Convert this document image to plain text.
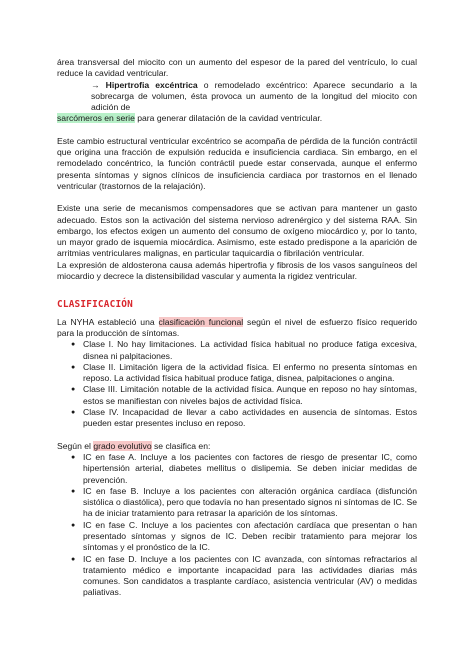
área transversal del miocito con un aumento del espesor de la pared del ventrículo, lo cual reduce la cavidad ventricular.

→ Hipertrofia excéntrica o remodelado excéntrico: Aparece secundario a la sobrecarga de volumen, ésta provoca un aumento de la longitud del miocito con adición de

sarcómeros en serie para generar dilatación de la cavidad ventricular.

Este cambio estructural ventricular excéntrico se acompaña de pérdida de la función contráctil que origina una fracción de expulsión reducida e insuficiencia cardiaca. Sin embargo, en el remodelado concéntrico, la función contráctil puede estar conservada, aunque el enfermo presenta síntomas y signos clínicos de insuficiencia cardiaca por trastornos en el llenado ventricular (trastornos de la relajación).

Existe una serie de mecanismos compensadores que se activan para mantener un gasto adecuado. Estos son la activación del sistema nervioso adrenérgico y del sistema RAA. Sin embargo, los efectos exigen un aumento del consumo de oxígeno miocárdico y, por lo tanto, un mayor grado de isquemia miocárdica. Asimismo, este estado predispone a la aparición de arritmias ventriculares malignas, en particular taquicardia o fibrilación ventricular.

La expresión de aldosterona causa además hipertrofia y fibrosis de los vasos sanguíneos del miocardio y decrece la distensibilidad vascular y aumenta la rigidez ventricular.

CLASIFICACIÓN

La NYHA estableció una clasificación funcional según el nivel de esfuerzo físico requerido para la producción de síntomas.

● Clase I. No hay limitaciones. La actividad física habitual no produce fatiga excesiva, disnea ni palpitaciones.
● Clase II. Limitación ligera de la actividad física. El enfermo no presenta síntomas en reposo. La actividad física habitual produce fatiga, disnea, palpitaciones o angina.
● Clase III. Limitación notable de la actividad física. Aunque en reposo no hay síntomas, estos se manifiestan con niveles bajos de actividad física.
● Clase IV. Incapacidad de llevar a cabo actividades en ausencia de síntomas. Estos pueden estar presentes incluso en reposo.

Según el grado evolutivo se clasifica en:

● IC en fase A. Incluye a los pacientes con factores de riesgo de presentar IC, como hipertensión arterial, diabetes mellitus o dislipemia. Se deben iniciar medidas de prevención.
● IC en fase B. Incluye a los pacientes con alteración orgánica cardíaca (disfunción sistólica o diastólica), pero que todavía no han presentado signos ni síntomas de IC. Se ha de iniciar tratamiento para retrasar la aparición de los síntomas.
● IC en fase C. Incluye a los pacientes con afectación cardíaca que presentan o han presentado síntomas y signos de IC. Deben recibir tratamiento para mejorar los síntomas y el pronóstico de la IC.
● IC en fase D. Incluye a los pacientes con IC avanzada, con síntomas refractarios al tratamiento médico e importante incapacidad para las actividades diarias más comunes. Son candidatos a trasplante cardíaco, asistencia ventricular (AV) o medidas paliativas.
